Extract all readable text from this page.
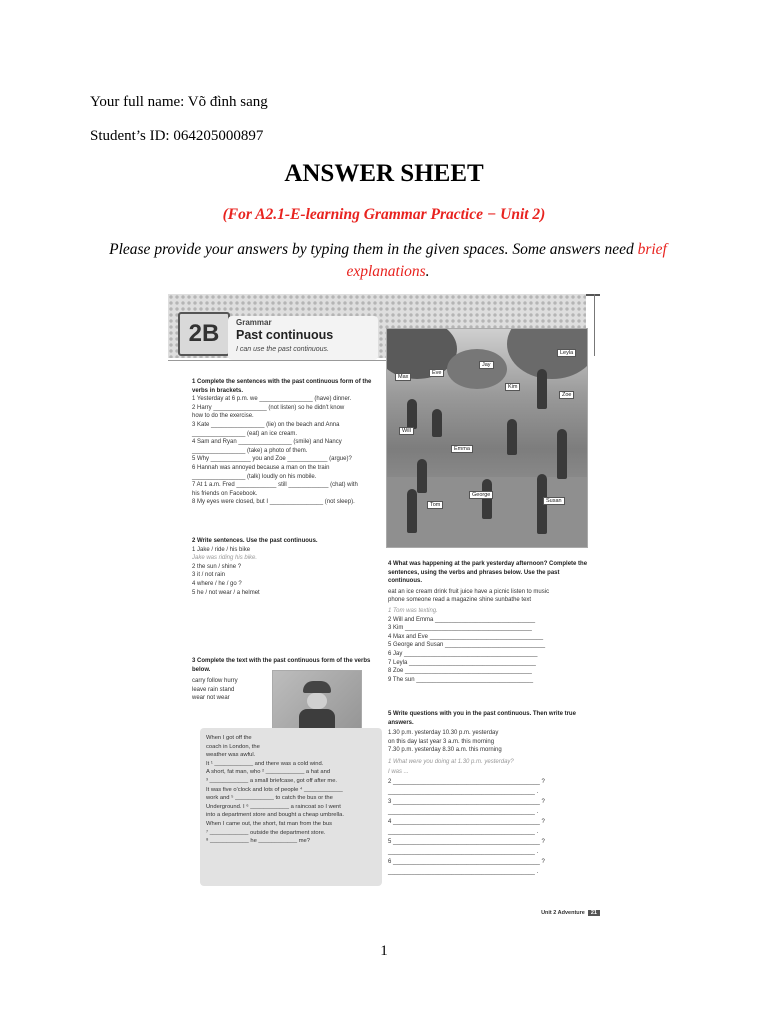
Your full name: Võ đình sang
Student’s ID: 064205000897
ANSWER SHEET
(For A2.1-E-learning Grammar Practice − Unit 2)
Please provide your answers by typing them in the given spaces. Some answers need brief explanations.
2B	Grammar
Past continuous
I can use the past continuous.
1 Complete the sentences with the past continuous form of the verbs in brackets.
1 Yesterday at 6 p.m. we ________________ (have) dinner.
2 Harry ________________ (not listen) so he didn't know
how to do the exercise.
3 Kate ________________ (lie) on the beach and Anna
________________ (eat) an ice cream.
4 Sam and Ryan ________________ (smile) and Nancy
________________ (take) a photo of them.
5 Why ____________ you and Zoe ____________ (argue)?
6 Hannah was annoyed because a man on the train
________________ (talk) loudly on his mobile.
7 At 1 a.m. Fred ____________ still ____________ (chat) with
his friends on Facebook.
8 My eyes were closed, but I ________________ (not sleep).
2 Write sentences. Use the past continuous.
1 Jake / ride / his bike
Jake was riding his bike.
2 the sun / shine ?
3 it / not rain
4 where / he / go ?
5 he / not wear / a helmet
3 Complete the text with the past continuous form of the verbs below.
carry follow hurry
leave rain stand
wear not wear
When I got off the
coach in London, the
weather was awful.
It ¹ ____________ and there was a cold wind.
A short, fat man, who ² ____________ a hat and
³ ____________ a small briefcase, got off after me.
It was five o'clock and lots of people ⁴ ____________
work and ⁵ ____________ to catch the bus or the
Underground. I ⁶ ____________ a raincoat so I went
into a department store and bought a cheap umbrella.
When I came out, the short, fat man from the bus
⁷ ____________ outside the department store.
⁸ ____________ he ____________ me?
Leyla
Jay
Max
Eve
Kim
Zoe
Will
Emma
George
Tom
Susan
4 What was happening at the park yesterday afternoon? Complete the sentences, using the verbs and phrases below. Use the past continuous.
eat an ice cream drink fruit juice have a picnic listen to music
phone someone read a magazine shine sunbathe text
1 Tom was texting.
2 Will and Emma ______________________________
3 Kim ______________________________________
4 Max and Eve __________________________________
5 George and Susan ______________________________
6 Jay ________________________________________
7 Leyla ______________________________________
8 Zoe ______________________________________
9 The sun ___________________________________
5 Write questions with you in the past continuous. Then write true answers.
1.30 p.m. yesterday 10.30 p.m. yesterday
on this day last year 3 a.m. this morning
7.30 p.m. yesterday 8.30 a.m. this morning
1 What were you doing at 1.30 p.m. yesterday?
I was ...
2 ____________________________________________ ?
____________________________________________ .
3 ____________________________________________ ?
____________________________________________ .
4 ____________________________________________ ?
____________________________________________ .
5 ____________________________________________ ?
____________________________________________ .
6 ____________________________________________ ?
____________________________________________ .
Unit 2 Adventure 21
1
